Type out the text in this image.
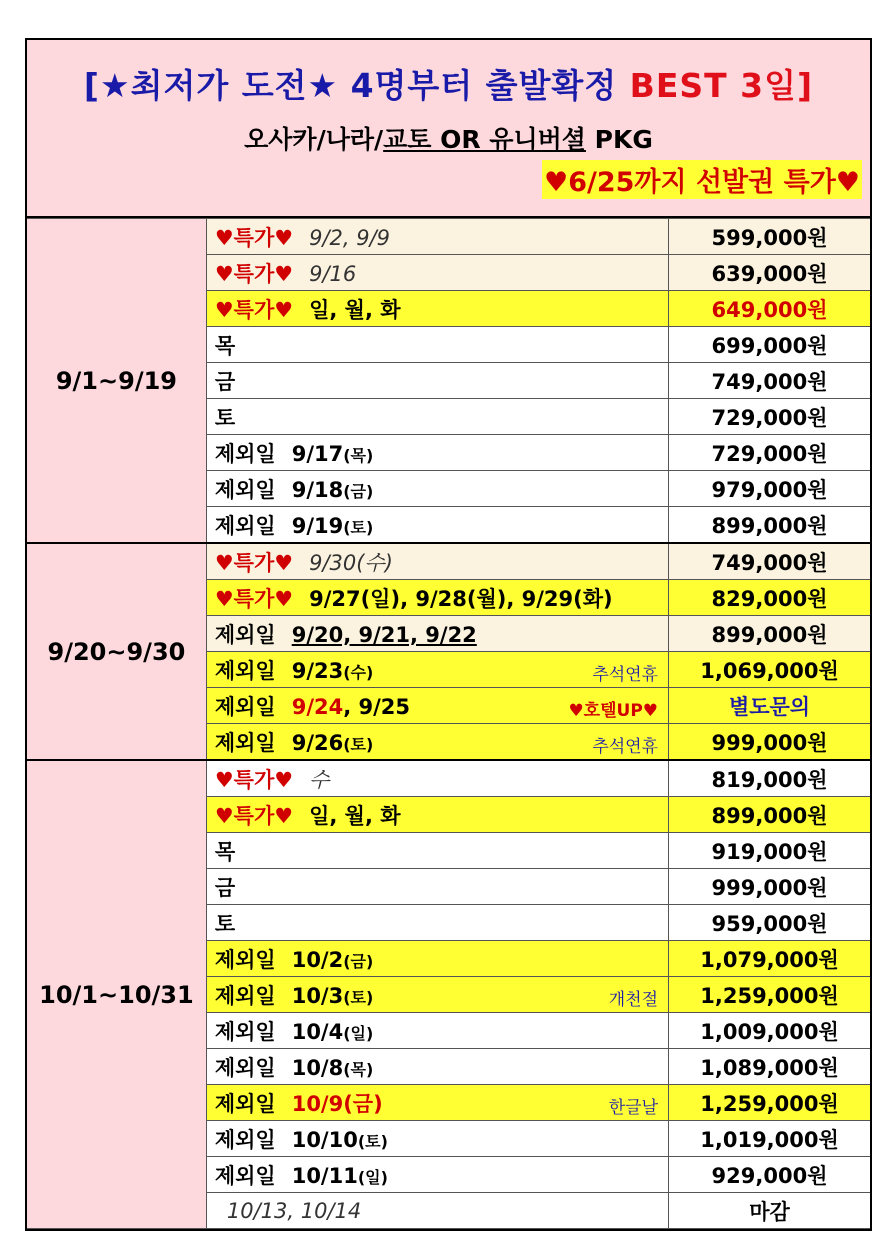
[★최저가 도전★ 4명부터 출발확정 BEST 3일]
오사카/나라/교토 OR 유니버셜 PKG
♥6/25까지 선발권 특가♥
9/1~9/19	♥특가♥ 9/2, 9/9	599,000원
	♥특가♥ 9/16	639,000원
	♥특가♥ 일, 월, 화	649,000원
	목	699,000원
	금	749,000원
	토	729,000원
	제외일 9/17(목)	729,000원
	제외일 9/18(금)	979,000원
	제외일 9/19(토)	899,000원
9/20~9/30	♥특가♥ 9/30(수)	749,000원
	♥특가♥ 9/27(일), 9/28(월), 9/29(화)	829,000원
	제외일 9/20, 9/21, 9/22	899,000원
	제외일 9/23(수) 추석연휴	1,069,000원
	제외일 9/24, 9/25 ♥호텔UP♥	별도문의
	제외일 9/26(토) 추석연휴	999,000원
10/1~10/31	♥특가♥ 수	819,000원
	♥특가♥ 일, 월, 화	899,000원
	목	919,000원
	금	999,000원
	토	959,000원
	제외일 10/2(금)	1,079,000원
	제외일 10/3(토) 개천절	1,259,000원
	제외일 10/4(일)	1,009,000원
	제외일 10/8(목)	1,089,000원
	제외일 10/9(금) 한글날	1,259,000원
	제외일 10/10(토)	1,019,000원
	제외일 10/11(일)	929,000원
	10/13, 10/14	마감
